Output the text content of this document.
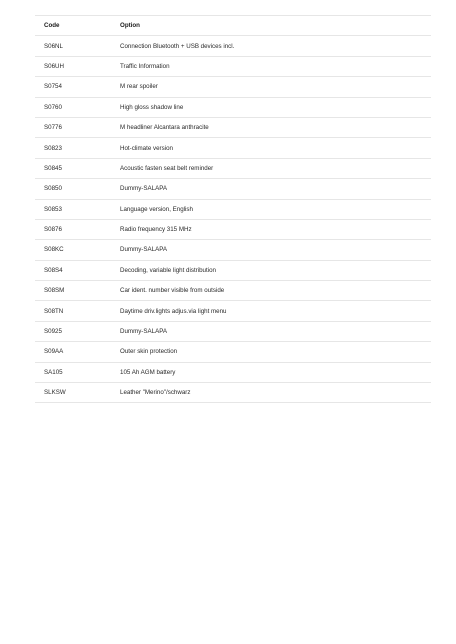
Code	Option
S06NL	Connection Bluetooth + USB devices incl.
S06UH	Traffic Information
S0754	M rear spoiler
S0760	High gloss shadow line
S0776	M headliner Alcantara anthracite
S0823	Hot-climate version
S0845	Acoustic fasten seat belt reminder
S0850	Dummy-SALAPA
S0853	Language version, English
S0876	Radio frequency 315 MHz
S08KC	Dummy-SALAPA
S08S4	Decoding, variable light distribution
S08SM	Car ident. number visible from outside
S08TN	Daytime driv.lights adjus.via light menu
S0925	Dummy-SALAPA
S09AA	Outer skin protection
SA105	105 Ah AGM battery
SLKSW	Leather "Merino"/schwarz
